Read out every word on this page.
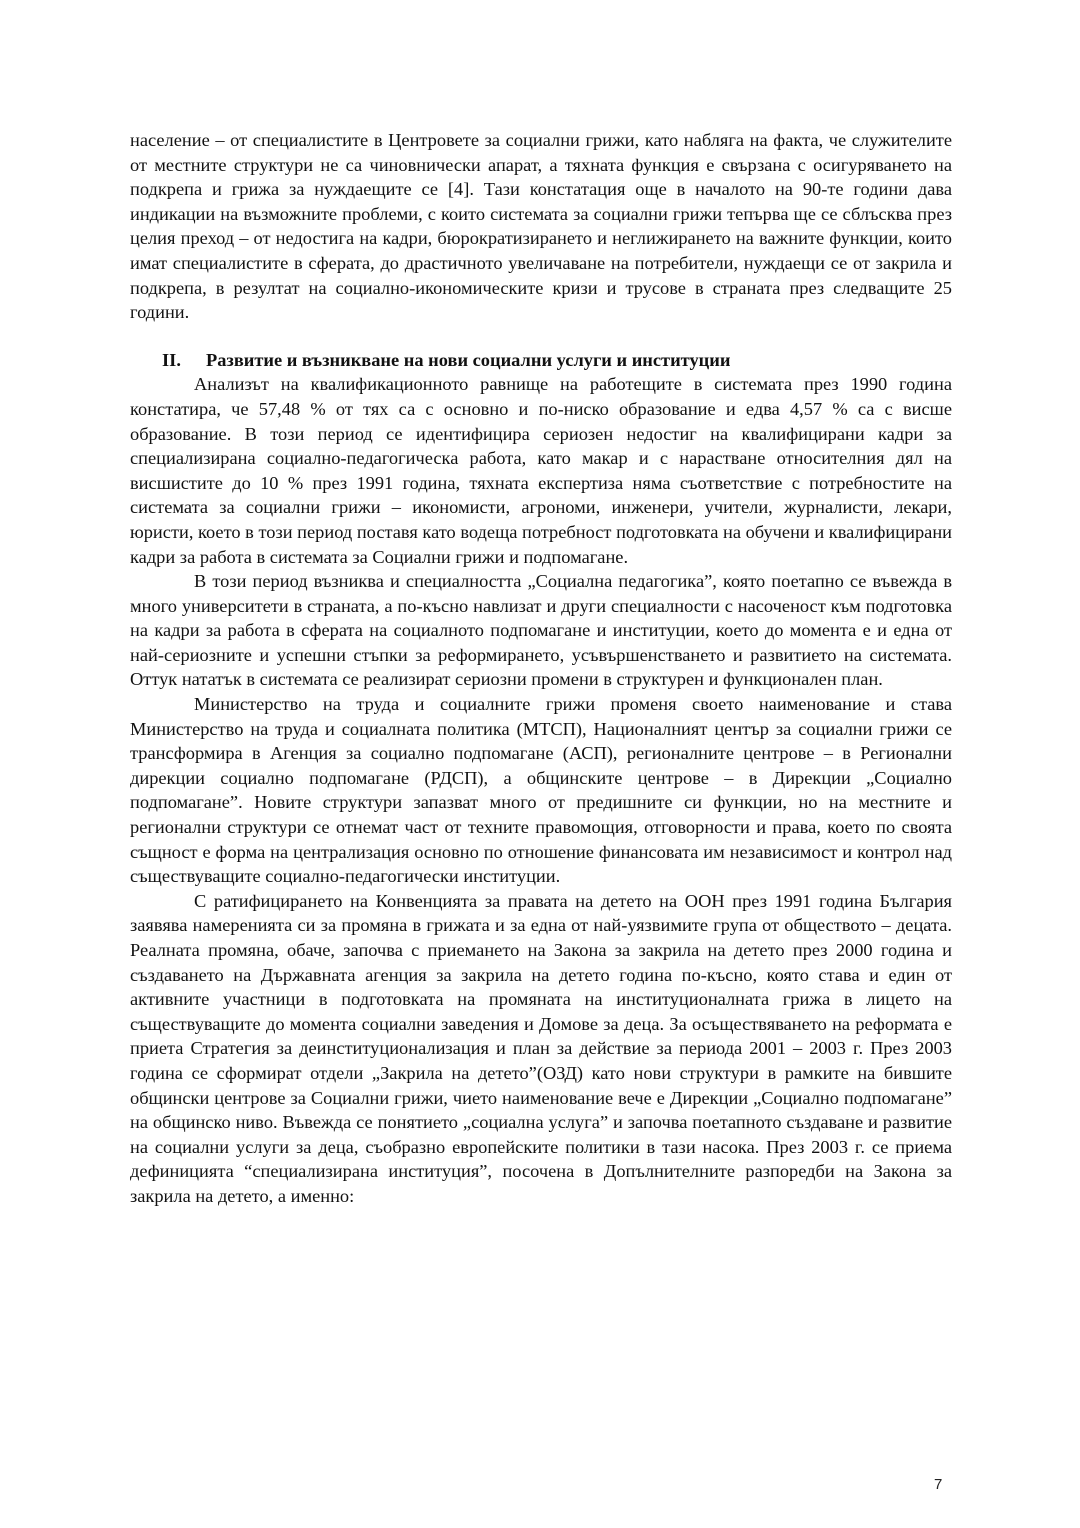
население – от специалистите в Центровете за социални грижи, като набляга на факта, че служителите от местните структури не са чиновнически апарат, а тяхната функция е свързана с осигуряването на подкрепа и грижа за нуждаещите се [4]. Тази констатация още в началото на 90-те години дава индикации на възможните проблеми, с които системата за социални грижи тепърва ще се сблъсква през целия преход – от недостига на кадри, бюрократизирането и неглижирането на важните функции, които имат специалистите в сферата, до драстичното увеличаване на потребители, нуждаещи се от закрила и подкрепа, в резултат на социално-икономическите кризи и трусове в страната през следващите 25 години.

II. Развитие и възникване на нови социални услуги и институции

Анализът на квалификационното равнище на работещите в системата през 1990 година констатира, че 57,48 % от тях са с основно и по-ниско образование и едва 4,57 % са с висше образование. В този период се идентифицира сериозен недостиг на квалифицирани кадри за специализирана социално-педагогическа работа, като макар и с нарастване относителния дял на висшистите до 10 % през 1991 година, тяхната експертиза няма съответствие с потребностите на системата за социални грижи – икономисти, агрономи, инженери, учители, журналисти, лекари, юристи, което в този период поставя като водеща потребност подготовката на обучени и квалифицирани кадри за работа в системата за Социални грижи и подпомагане.

В този период възниква и специалността „Социална педагогика”, която поетапно се въвежда в много университети в страната, а по-късно навлизат и други специалности с насоченост към подготовка на кадри за работа в сферата на социалното подпомагане и институции, което до момента е и една от най-сериозните и успешни стъпки за реформирането, усъвършенстването и развитието на системата. Оттук нататък в системата се реализират сериозни промени в структурен и функционален план.

Министерство на труда и социалните грижи променя своето наименование и става Министерство на труда и социалната политика (МТСП), Националният център за социални грижи се трансформира в Агенция за социално подпомагане (АСП), регионалните центрове – в Регионални дирекции социално подпомагане (РДСП), а общинските центрове – в Дирекции „Социално подпомагане”. Новите структури запазват много от предишните си функции, но на местните и регионални структури се отнемат част от техните правомощия, отговорности и права, което по своята същност е форма на централизация основно по отношение финансовата им независимост и контрол над съществуващите социално-педагогически институции.

С ратифицирането на Конвенцията за правата на детето на ООН през 1991 година България заявява намеренията си за промяна в грижата и за една от най-уязвимите група от обществото – децата. Реалната промяна, обаче, започва с приемането на Закона за закрила на детето през 2000 година и създаването на Държавната агенция за закрила на детето година по-късно, която става и един от активните участници в подготовката на промяната на институционалната грижа в лицето на съществуващите до момента социални заведения и Домове за деца. За осъществяването на реформата е приета Стратегия за деинституционализация и план за действие за периода 2001 – 2003 г. През 2003 година се сформират отдели „Закрила на детето”(ОЗД) като нови структури в рамките на бившите общински центрове за Социални грижи, чието наименование вече е Дирекции „Социално подпомагане” на общинско ниво. Въвежда се понятието „социална услуга” и започва поетапното създаване и развитие на социални услуги за деца, съобразно европейските политики в тази насока. През 2003 г. се приема дефиницията “специализирана институция”, посочена в Допълнителните разпоредби на Закона за закрила на детето, а именно:

7
